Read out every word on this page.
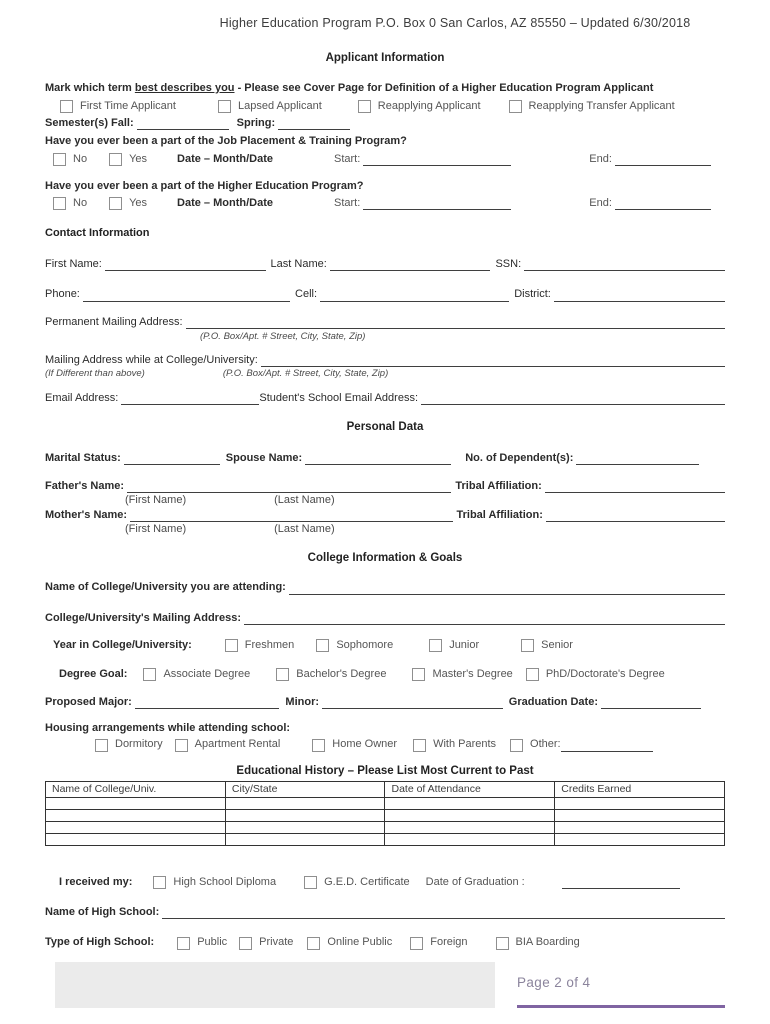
Higher Education Program P.O. Box 0 San Carlos, AZ 85550 – Updated 6/30/2018
Applicant Information
Mark which term best describes you - Please see Cover Page for Definition of a Higher Education Program Applicant
First Time Applicant	Lapsed Applicant	Reapplying Applicant	Reapplying Transfer Applicant
Semester(s) Fall:	Spring:
Have you ever been a part of the Job Placement & Training Program?
No	Yes	Date – Month/Date	Start:	End:
Have you ever been a part of the Higher Education Program?
No	Yes	Date – Month/Date	Start:	End:
Contact Information
First Name:	Last Name:	SSN:
Phone:	Cell:	District:
Permanent Mailing Address:
(P.O. Box/Apt. # Street, City, State, Zip)
Mailing Address while at College/University:
(If Different than above)	(P.O. Box/Apt. # Street, City, State, Zip)
Email Address:	Student's School Email Address:
Personal Data
Marital Status:	Spouse Name:	No. of Dependent(s):
Father's Name:	Tribal Affiliation:
(First Name)	(Last Name)
Mother's Name:	Tribal Affiliation:
(First Name)	(Last Name)
College Information & Goals
Name of College/University you are attending:
College/University's Mailing Address:
Year in College/University:	Freshmen	Sophomore	Junior	Senior
Degree Goal:	Associate Degree	Bachelor's Degree	Master's Degree	PhD/Doctorate's Degree
Proposed Major:	Minor:	Graduation Date:
Housing arrangements while attending school:
Dormitory	Apartment Rental	Home Owner	With Parents	Other:
Educational History – Please List Most Current to Past
Name of College/Univ.	City/State	Date of Attendance	Credits Earned

I received my:	High School Diploma	G.E.D. Certificate Date of Graduation :
Name of High School:
Type of High School:	Public	Private	Online Public	Foreign	BIA Boarding
Page 2 of 4
